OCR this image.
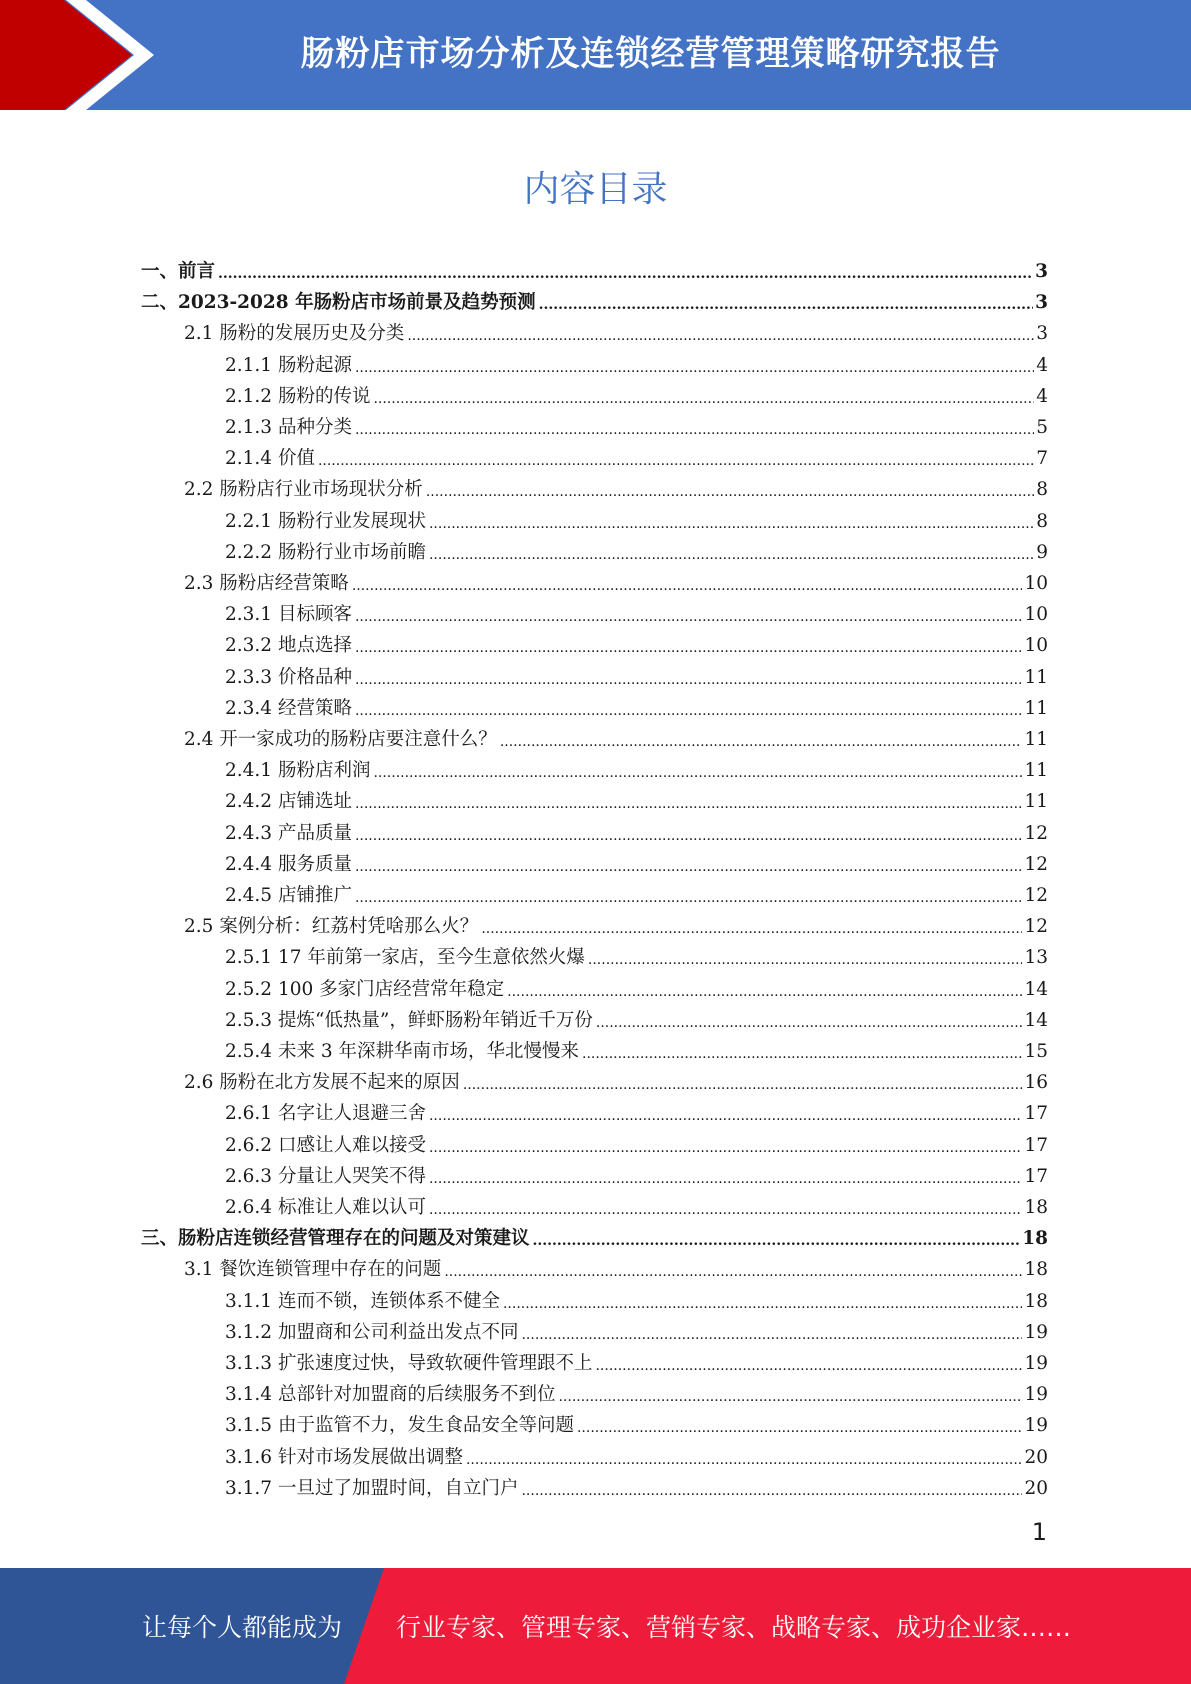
肠粉店市场分析及连锁经营管理策略研究报告
内容目录
一、前言 .....	3
二、2023-2028 年肠粉店市场前景及趋势预测 .....	3
2.1 肠粉的发展历史及分类 .....	3
2.1.1 肠粉起源 .....	4
2.1.2 肠粉的传说 .....	4
2.1.3 品种分类 .....	5
2.1.4 价值 .....	7
2.2 肠粉店行业市场现状分析 .....	8
2.2.1 肠粉行业发展现状 .....	8
2.2.2 肠粉行业市场前瞻 .....	9
2.3 肠粉店经营策略 .....	10
2.3.1 目标顾客 .....	10
2.3.2 地点选择 .....	10
2.3.3 价格品种 .....	11
2.3.4 经营策略 .....	11
2.4 开一家成功的肠粉店要注意什么？ .....	11
2.4.1 肠粉店利润 .....	11
2.4.2 店铺选址 .....	11
2.4.3 产品质量 .....	12
2.4.4 服务质量 .....	12
2.4.5 店铺推广 .....	12
2.5 案例分析：红荔村凭啥那么火？ .....	12
2.5.1 17 年前第一家店，至今生意依然火爆 .....	13
2.5.2 100 多家门店经营常年稳定 .....	14
2.5.3 提炼“低热量”，鲜虾肠粉年销近千万份 .....	14
2.5.4 未来 3 年深耕华南市场，华北慢慢来 .....	15
2.6 肠粉在北方发展不起来的原因 .....	16
2.6.1 名字让人退避三舍 .....	17
2.6.2 口感让人难以接受 .....	17
2.6.3 分量让人哭笑不得 .....	17
2.6.4 标准让人难以认可 .....	18
三、肠粉店连锁经营管理存在的问题及对策建议 .....	18
3.1 餐饮连锁管理中存在的问题 .....	18
3.1.1 连而不锁，连锁体系不健全 .....	18
3.1.2 加盟商和公司利益出发点不同 .....	19
3.1.3 扩张速度过快，导致软硬件管理跟不上 .....	19
3.1.4 总部针对加盟商的后续服务不到位 .....	19
3.1.5 由于监管不力，发生食品安全等问题 .....	19
3.1.6 针对市场发展做出调整 .....	20
3.1.7 一旦过了加盟时间，自立门户 .....	20
1
让每个人都能成为 行业专家、管理专家、营销专家、战略专家、成功企业家……
